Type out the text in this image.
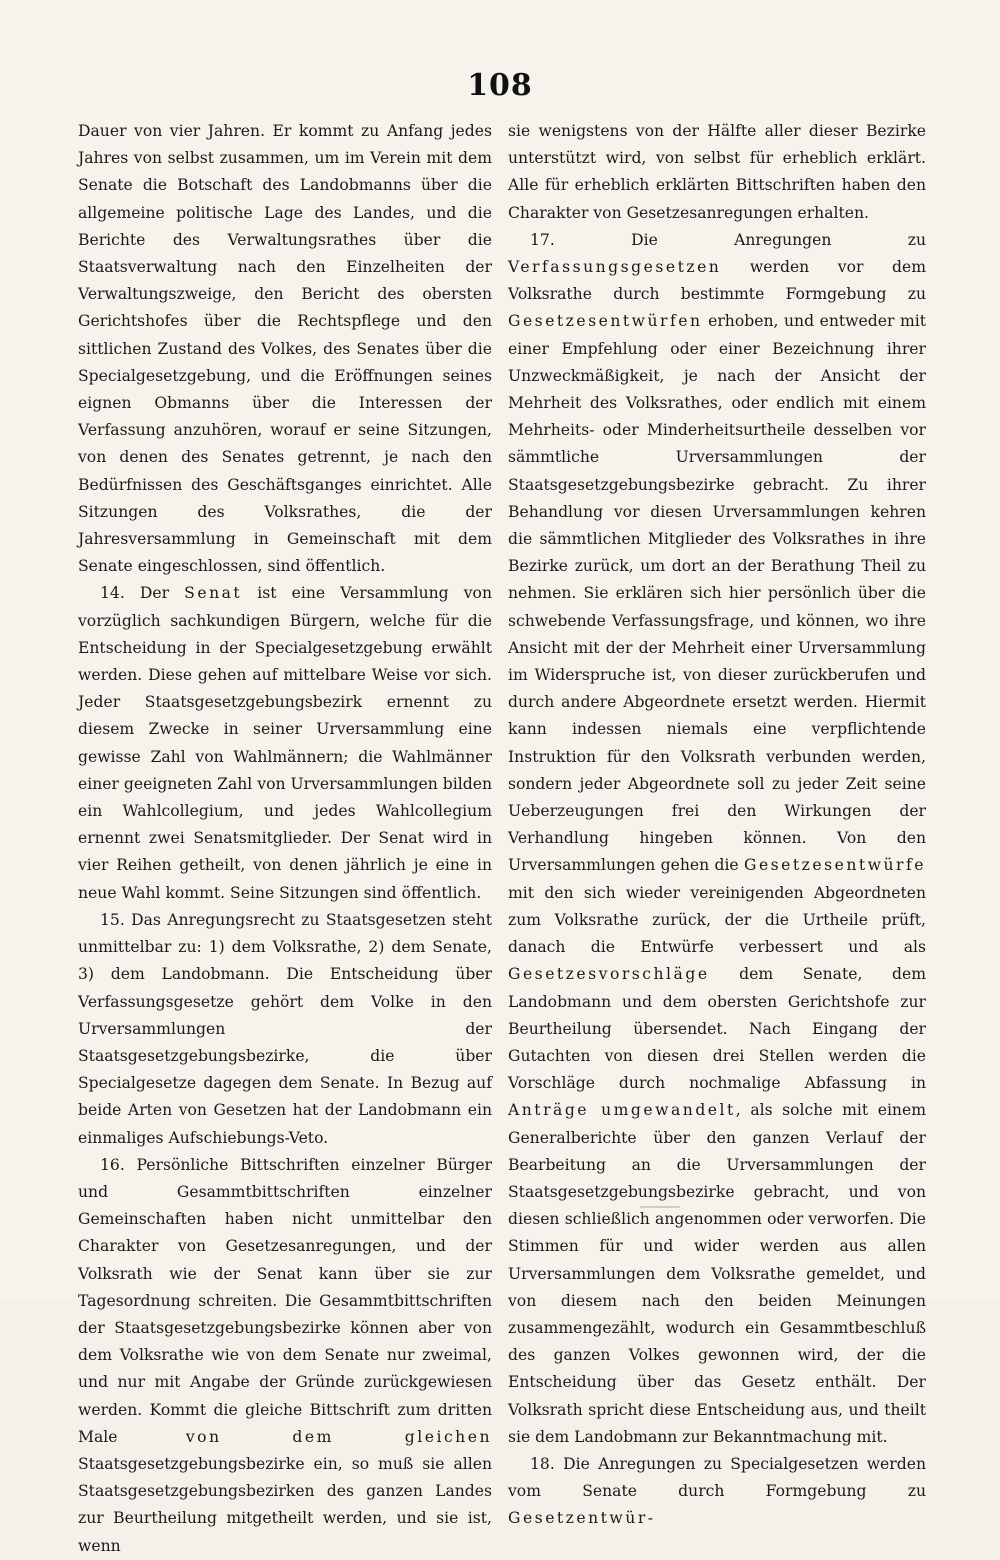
108

Dauer von vier Jahren. Er kommt zu Anfang jedes Jahres von selbst zusammen, um im Verein mit dem Senate die Botschaft des Landobmanns über die allgemeine politische Lage des Landes, und die Berichte des Verwaltungsrathes über die Staatsverwaltung nach den Einzelheiten der Verwaltungszweige, den Bericht des obersten Gerichtshofes über die Rechtspflege und den sittlichen Zustand des Volkes, des Senates über die Specialgesetzgebung, und die Eröffnungen seines eignen Obmanns über die Interessen der Verfassung anzuhören, worauf er seine Sitzungen, von denen des Senates getrennt, je nach den Bedürfnissen des Geschäftsganges einrichtet. Alle Sitzungen des Volksrathes, die der Jahresversammlung in Gemeinschaft mit dem Senate eingeschlossen, sind öffentlich.

14. Der Senat ist eine Versammlung von vorzüglich sachkundigen Bürgern, welche für die Entscheidung in der Specialgesetzgebung erwählt werden. Diese gehen auf mittelbare Weise vor sich. Jeder Staatsgesetzgebungsbezirk ernennt zu diesem Zwecke in seiner Urversammlung eine gewisse Zahl von Wahlmännern; die Wahlmänner einer geeigneten Zahl von Urversammlungen bilden ein Wahlcollegium, und jedes Wahlcollegium ernennt zwei Senatsmitglieder. Der Senat wird in vier Reihen getheilt, von denen jährlich je eine in neue Wahl kommt. Seine Sitzungen sind öffentlich.

15. Das Anregungsrecht zu Staatsgesetzen steht unmittelbar zu: 1) dem Volksrathe, 2) dem Senate, 3) dem Landobmann. Die Entscheidung über Verfassungsgesetze gehört dem Volke in den Urversammlungen der Staatsgesetzgebungsbezirke, die über Specialgesetze dagegen dem Senate. In Bezug auf beide Arten von Gesetzen hat der Landobmann ein einmaliges Aufschiebungs-Veto.

16. Persönliche Bittschriften einzelner Bürger und Gesammtbittschriften einzelner Gemeinschaften haben nicht unmittelbar den Charakter von Gesetzesanregungen, und der Volksrath wie der Senat kann über sie zur Tagesordnung schreiten. Die Gesammtbittschriften der Staatsgesetzgebungsbezirke können aber von dem Volksrathe wie von dem Senate nur zweimal, und nur mit Angabe der Gründe zurückgewiesen werden. Kommt die gleiche Bittschrift zum dritten Male von dem gleichen Staatsgesetzgebungsbezirke ein, so muß sie allen Staatsgesetzgebungsbezirken des ganzen Landes zur Beurtheilung mitgetheilt werden, und sie ist, wenn

sie wenigstens von der Hälfte aller dieser Bezirke unterstützt wird, von selbst für erheblich erklärt. Alle für erheblich erklärten Bittschriften haben den Charakter von Gesetzesanregungen erhalten.

17. Die Anregungen zu Verfassungsgesetzen werden vor dem Volksrathe durch bestimmte Formgebung zu Gesetzesentwürfen erhoben, und entweder mit einer Empfehlung oder einer Bezeichnung ihrer Unzweckmäßigkeit, je nach der Ansicht der Mehrheit des Volksrathes, oder endlich mit einem Mehrheits- oder Minderheitsurtheile desselben vor sämmtliche Urversammlungen der Staatsgesetzgebungsbezirke gebracht. Zu ihrer Behandlung vor diesen Urversammlungen kehren die sämmtlichen Mitglieder des Volksrathes in ihre Bezirke zurück, um dort an der Berathung Theil zu nehmen. Sie erklären sich hier persönlich über die schwebende Verfassungsfrage, und können, wo ihre Ansicht mit der der Mehrheit einer Urversammlung im Widerspruche ist, von dieser zurückberufen und durch andere Abgeordnete ersetzt werden. Hiermit kann indessen niemals eine verpflichtende Instruktion für den Volksrath verbunden werden, sondern jeder Abgeordnete soll zu jeder Zeit seine Ueberzeugungen frei den Wirkungen der Verhandlung hingeben können. Von den Urversammlungen gehen die Gesetzesentwürfe mit den sich wieder vereinigenden Abgeordneten zum Volksrathe zurück, der die Urtheile prüft, danach die Entwürfe verbessert und als Gesetzesvorschläge dem Senate, dem Landobmann und dem obersten Gerichtshofe zur Beurtheilung übersendet. Nach Eingang der Gutachten von diesen drei Stellen werden die Vorschläge durch nochmalige Abfassung in Anträge umgewandelt, als solche mit einem Generalberichte über den ganzen Verlauf der Bearbeitung an die Urversammlungen der Staatsgesetzgebungsbezirke gebracht, und von diesen schließlich angenommen oder verworfen. Die Stimmen für und wider werden aus allen Urversammlungen dem Volksrathe gemeldet, und von diesem nach den beiden Meinungen zusammengezählt, wodurch ein Gesammtbeschluß des ganzen Volkes gewonnen wird, der die Entscheidung über das Gesetz enthält. Der Volksrath spricht diese Entscheidung aus, und theilt sie dem Landobmann zur Bekanntmachung mit.

18. Die Anregungen zu Specialgesetzen werden vom Senate durch Formgebung zu Gesetzentwür-
